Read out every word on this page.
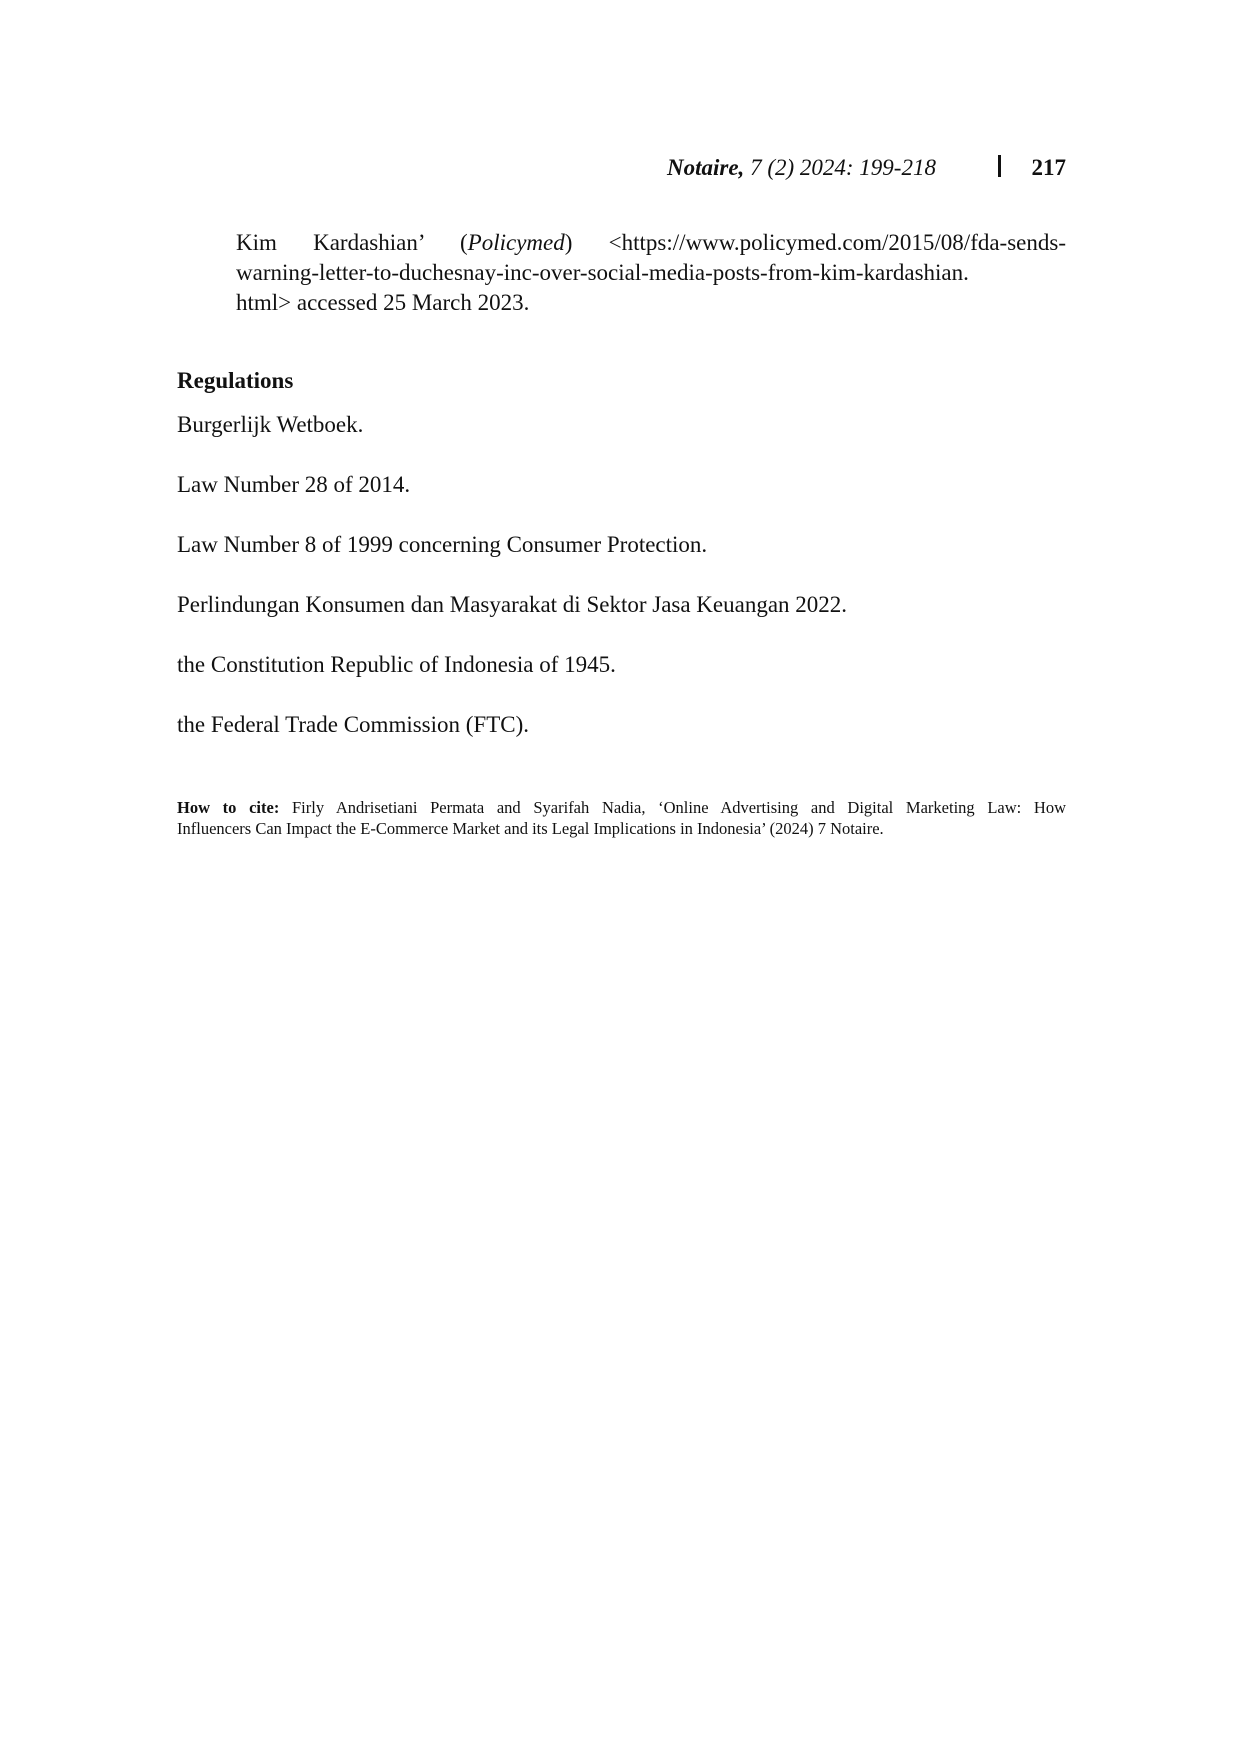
Notaire, 7 (2) 2024: 199-218	217
Kim Kardashian’ (Policymed) <https://www.policymed.com/2015/08/fda-sends-
warning-letter-to-duchesnay-inc-over-social-media-posts-from-kim-kardashian.
html> accessed 25 March 2023.
Regulations
Burgerlijk Wetboek.
Law Number 28 of 2014.
Law Number 8 of 1999 concerning Consumer Protection.
Perlindungan Konsumen dan Masyarakat di Sektor Jasa Keuangan 2022.
the Constitution Republic of Indonesia of 1945.
the Federal Trade Commission (FTC).
How to cite: Firly Andrisetiani Permata and Syarifah Nadia, ‘Online Advertising and Digital Marketing Law: How
Influencers Can Impact the E-Commerce Market and its Legal Implications in Indonesia’ (2024) 7 Notaire.
